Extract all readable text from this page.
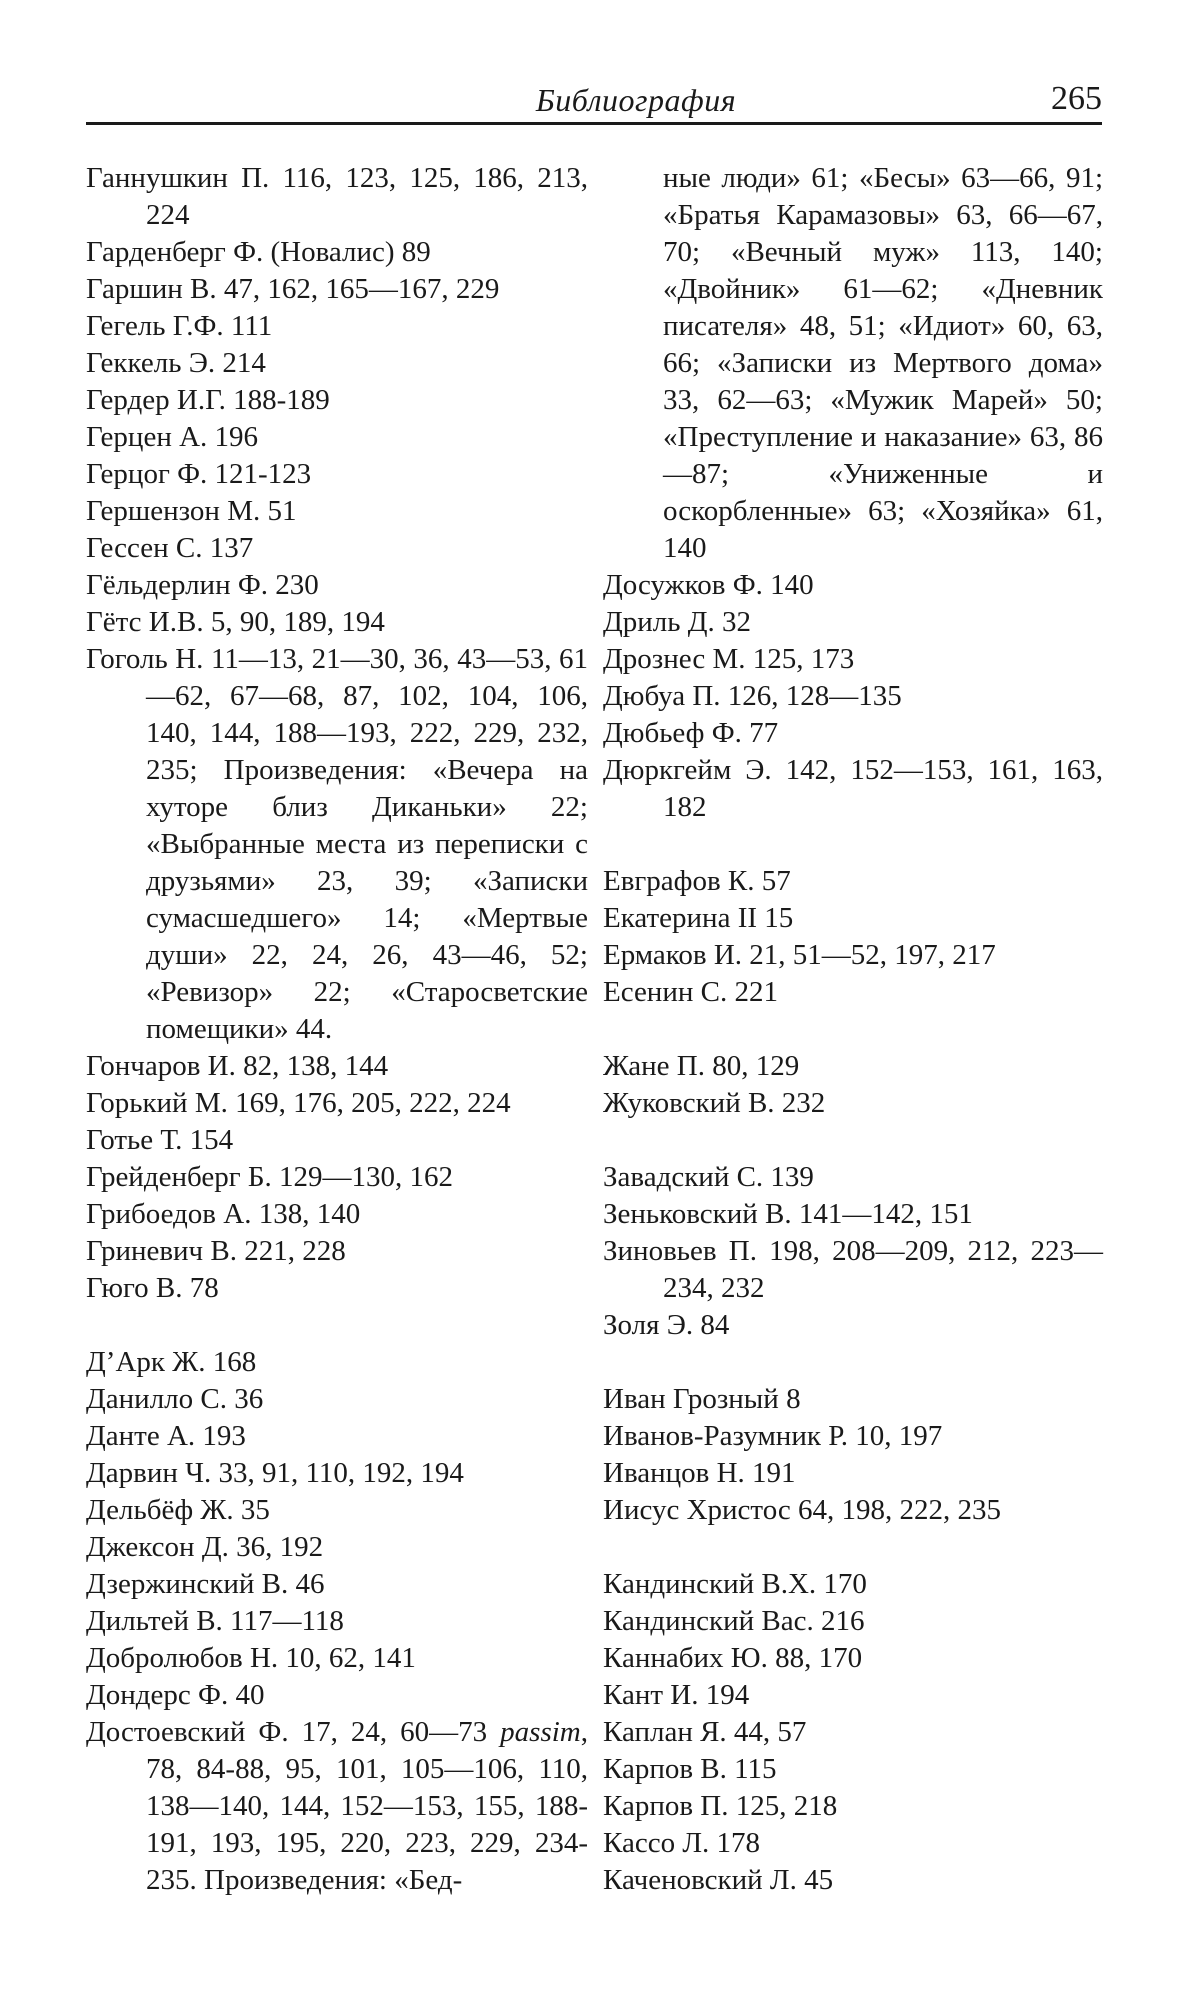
Библиография	265

Ганнушкин П. 116, 123, 125, 186, 213, 224

Гарденберг Ф. (Новалис) 89

Гаршин В. 47, 162, 165—167, 229

Гегель Г.Ф. 111

Геккель Э. 214

Гердер И.Г. 188-189

Герцен А. 196

Герцог Ф. 121-123

Гершензон М. 51

Гессен С. 137

Гёльдерлин Ф. 230

Гётс И.В. 5, 90, 189, 194

Гоголь Н. 11—13, 21—30, 36, 43—53, 61—62, 67—68, 87, 102, 104, 106, 140, 144, 188—193, 222, 229, 232, 235; Произведения: «Вечера на хуторе близ Диканьки» 22; «Выбранные места из переписки с друзьями» 23, 39; «Записки сумасшедшего» 14; «Мертвые души» 22, 24, 26, 43—46, 52; «Ревизор» 22; «Старосветские помещики» 44.

Гончаров И. 82, 138, 144

Горький М. 169, 176, 205, 222, 224

Готье Т. 154

Грейденберг Б. 129—130, 162

Грибоедов А. 138, 140

Гриневич В. 221, 228

Гюго В. 78

Д’Арк Ж. 168

Данилло С. 36

Данте А. 193

Дарвин Ч. 33, 91, 110, 192, 194

Дельбёф Ж. 35

Джексон Д. 36, 192

Дзержинский В. 46

Дильтей В. 117—118

Добролюбов Н. 10, 62, 141

Дондерс Ф. 40

Достоевский Ф. 17, 24, 60—73 passim, 78, 84-88, 95, 101, 105—106, 110, 138—140, 144, 152—153, 155, 188-191, 193, 195, 220, 223, 229, 234-235. Произведения: «Бед-

ные люди» 61; «Бесы» 63—66, 91; «Братья Карамазовы» 63, 66—67, 70; «Вечный муж» 113, 140; «Двойник» 61—62; «Дневник писателя» 48, 51; «Идиот» 60, 63, 66; «Записки из Мертвого дома» 33, 62—63; «Мужик Марей» 50; «Преступление и наказание» 63, 86—87; «Униженные и оскорбленные» 63; «Хозяйка» 61, 140

Досужков Ф. 140

Дриль Д. 32

Дрознес М. 125, 173

Дюбуа П. 126, 128—135

Дюбьеф Ф. 77

Дюркгейм Э. 142, 152—153, 161, 163, 182

Евграфов К. 57

Екатерина II 15

Ермаков И. 21, 51—52, 197, 217

Есенин С. 221

Жане П. 80, 129

Жуковский В. 232

Завадский С. 139

Зеньковский В. 141—142, 151

Зиновьев П. 198, 208—209, 212, 223—234, 232

Золя Э. 84

Иван Грозный 8

Иванов-Разумник Р. 10, 197

Иванцов Н. 191

Иисус Христос 64, 198, 222, 235

Кандинский В.Х. 170

Кандинский Вас. 216

Каннабих Ю. 88, 170

Кант И. 194

Каплан Я. 44, 57

Карпов В. 115

Карпов П. 125, 218

Кассо Л. 178

Каченовский Л. 45
